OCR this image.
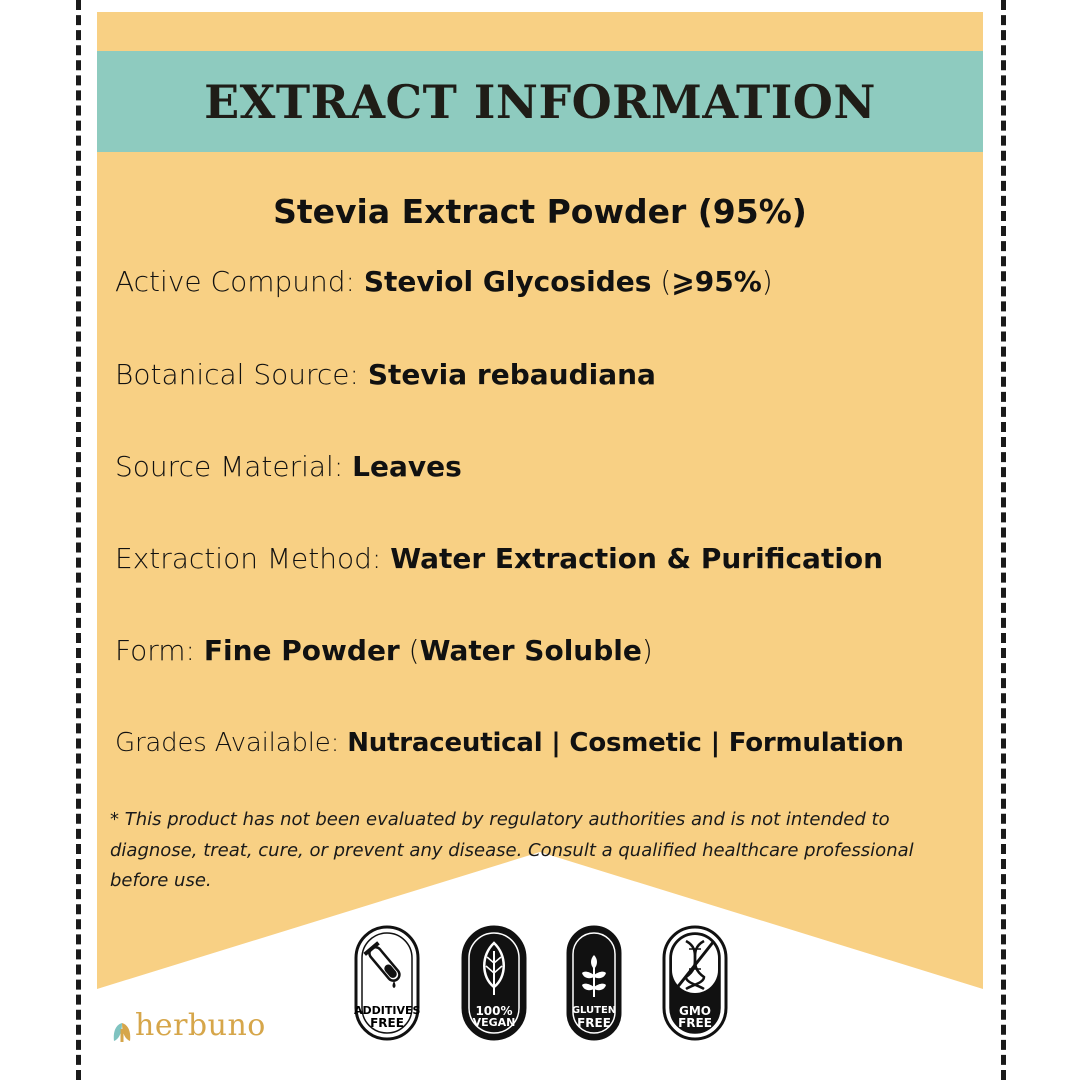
EXTRACT INFORMATION
Stevia Extract Powder (95%)
Active Compund: Steviol Glycosides (⩾95%)
Botanical Source: Stevia rebaudiana
Source Material: Leaves
Extraction Method: Water Extraction & Purification
Form: Fine Powder (Water Soluble)
Grades Available: Nutraceutical | Cosmetic | Formulation
* This product has not been evaluated by regulatory authorities and is not intended to diagnose, treat, cure, or prevent any disease. Consult a qualified healthcare professional before use.
herbuno	ADDITIVES
FREE
100%
VEGAN
GLUTEN
FREE
GMO
FREE
